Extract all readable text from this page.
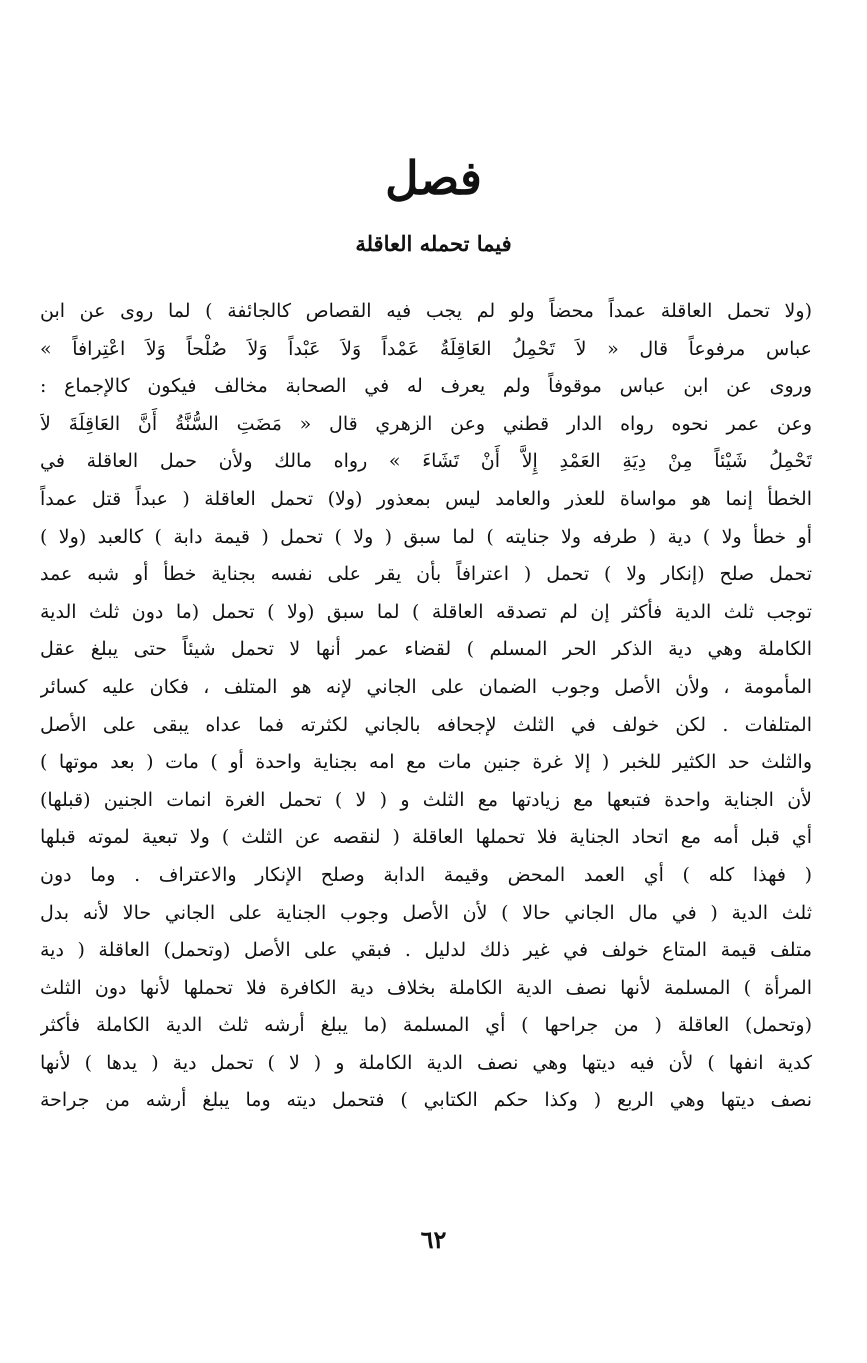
فصل
فيما تحمله العاقلة
(ولا تحمل العاقلة عمداً محضاً ولو لم يجب فيه القصاص كالجائفة ) لما روى عن ابن
عباس مرفوعاً قال « لاَ تَحْمِلُ العَاقِلَةُ عَمْداً وَلاَ عَبْداً وَلاَ صُلْحاً وَلاَ اعْتِرافاً »
وروى عن ابن عباس موقوفاً ولم يعرف له في الصحابة مخالف فيكون كالإجماع :
وعن عمر نحوه رواه الدار قطني وعن الزهري قال « مَضَتِ السُّنَّةُ أَنَّ العَاقِلَةَ لاَ
تَحْمِلُ شَيْئاً مِنْ دِيَةِ العَمْدِ إِلاَّ أَنْ تَشَاءَ » رواه مالك ولأن حمل العاقلة في
الخطأ إنما هو مواساة للعذر والعامد ليس بمعذور (ولا) تحمل العاقلة ( عبداً قتل عمداً
أو خطأ ولا ) دية ( طرفه ولا جنايته ) لما سبق ( ولا ) تحمل ( قيمة دابة ) كالعبد (ولا )
تحمل صلح (إنكار ولا ) تحمل ( اعترافاً بأن يقر على نفسه بجناية خطأ أو شبه عمد
توجب ثلث الدية فأكثر إن لم تصدقه العاقلة ) لما سبق (ولا ) تحمل (ما دون ثلث الدية
الكاملة وهي دية الذكر الحر المسلم ) لقضاء عمر أنها لا تحمل شيئاً حتى يبلغ عقل
المأمومة ، ولأن الأصل وجوب الضمان على الجاني لإنه هو المتلف ، فكان عليه كسائر
المتلفات . لكن خولف في الثلث لإجحافه بالجاني لكثرته فما عداه يبقى على الأصل
والثلث حد الكثير للخبر ( إلا غرة جنين مات مع امه بجناية واحدة أو ) مات ( بعد موتها )
لأن الجناية واحدة فتبعها مع زيادتها مع الثلث و ( لا ) تحمل الغرة انمات الجنين (قبلها)
أي قبل أمه مع اتحاد الجناية فلا تحملها العاقلة ( لنقصه عن الثلث ) ولا تبعية لموته قبلها
( فهذا كله ) أي العمد المحض وقيمة الدابة وصلح الإنكار والاعتراف . وما دون
ثلث الدية ( في مال الجاني حالا ) لأن الأصل وجوب الجناية على الجاني حالا لأنه بدل
متلف قيمة المتاع خولف في غير ذلك لدليل . فبقي على الأصل (وتحمل) العاقلة ( دية
المرأة ) المسلمة لأنها نصف الدية الكاملة بخلاف دية الكافرة فلا تحملها لأنها دون الثلث
(وتحمل) العاقلة ( من جراحها ) أي المسلمة (ما يبلغ أرشه ثلث الدية الكاملة فأكثر
كدية انفها ) لأن فيه ديتها وهي نصف الدية الكاملة و ( لا ) تحمل دية ( يدها ) لأنها
نصف ديتها وهي الربع ( وكذا حكم الكتابي ) فتحمل ديته وما يبلغ أرشه من جراحة
٦٢
